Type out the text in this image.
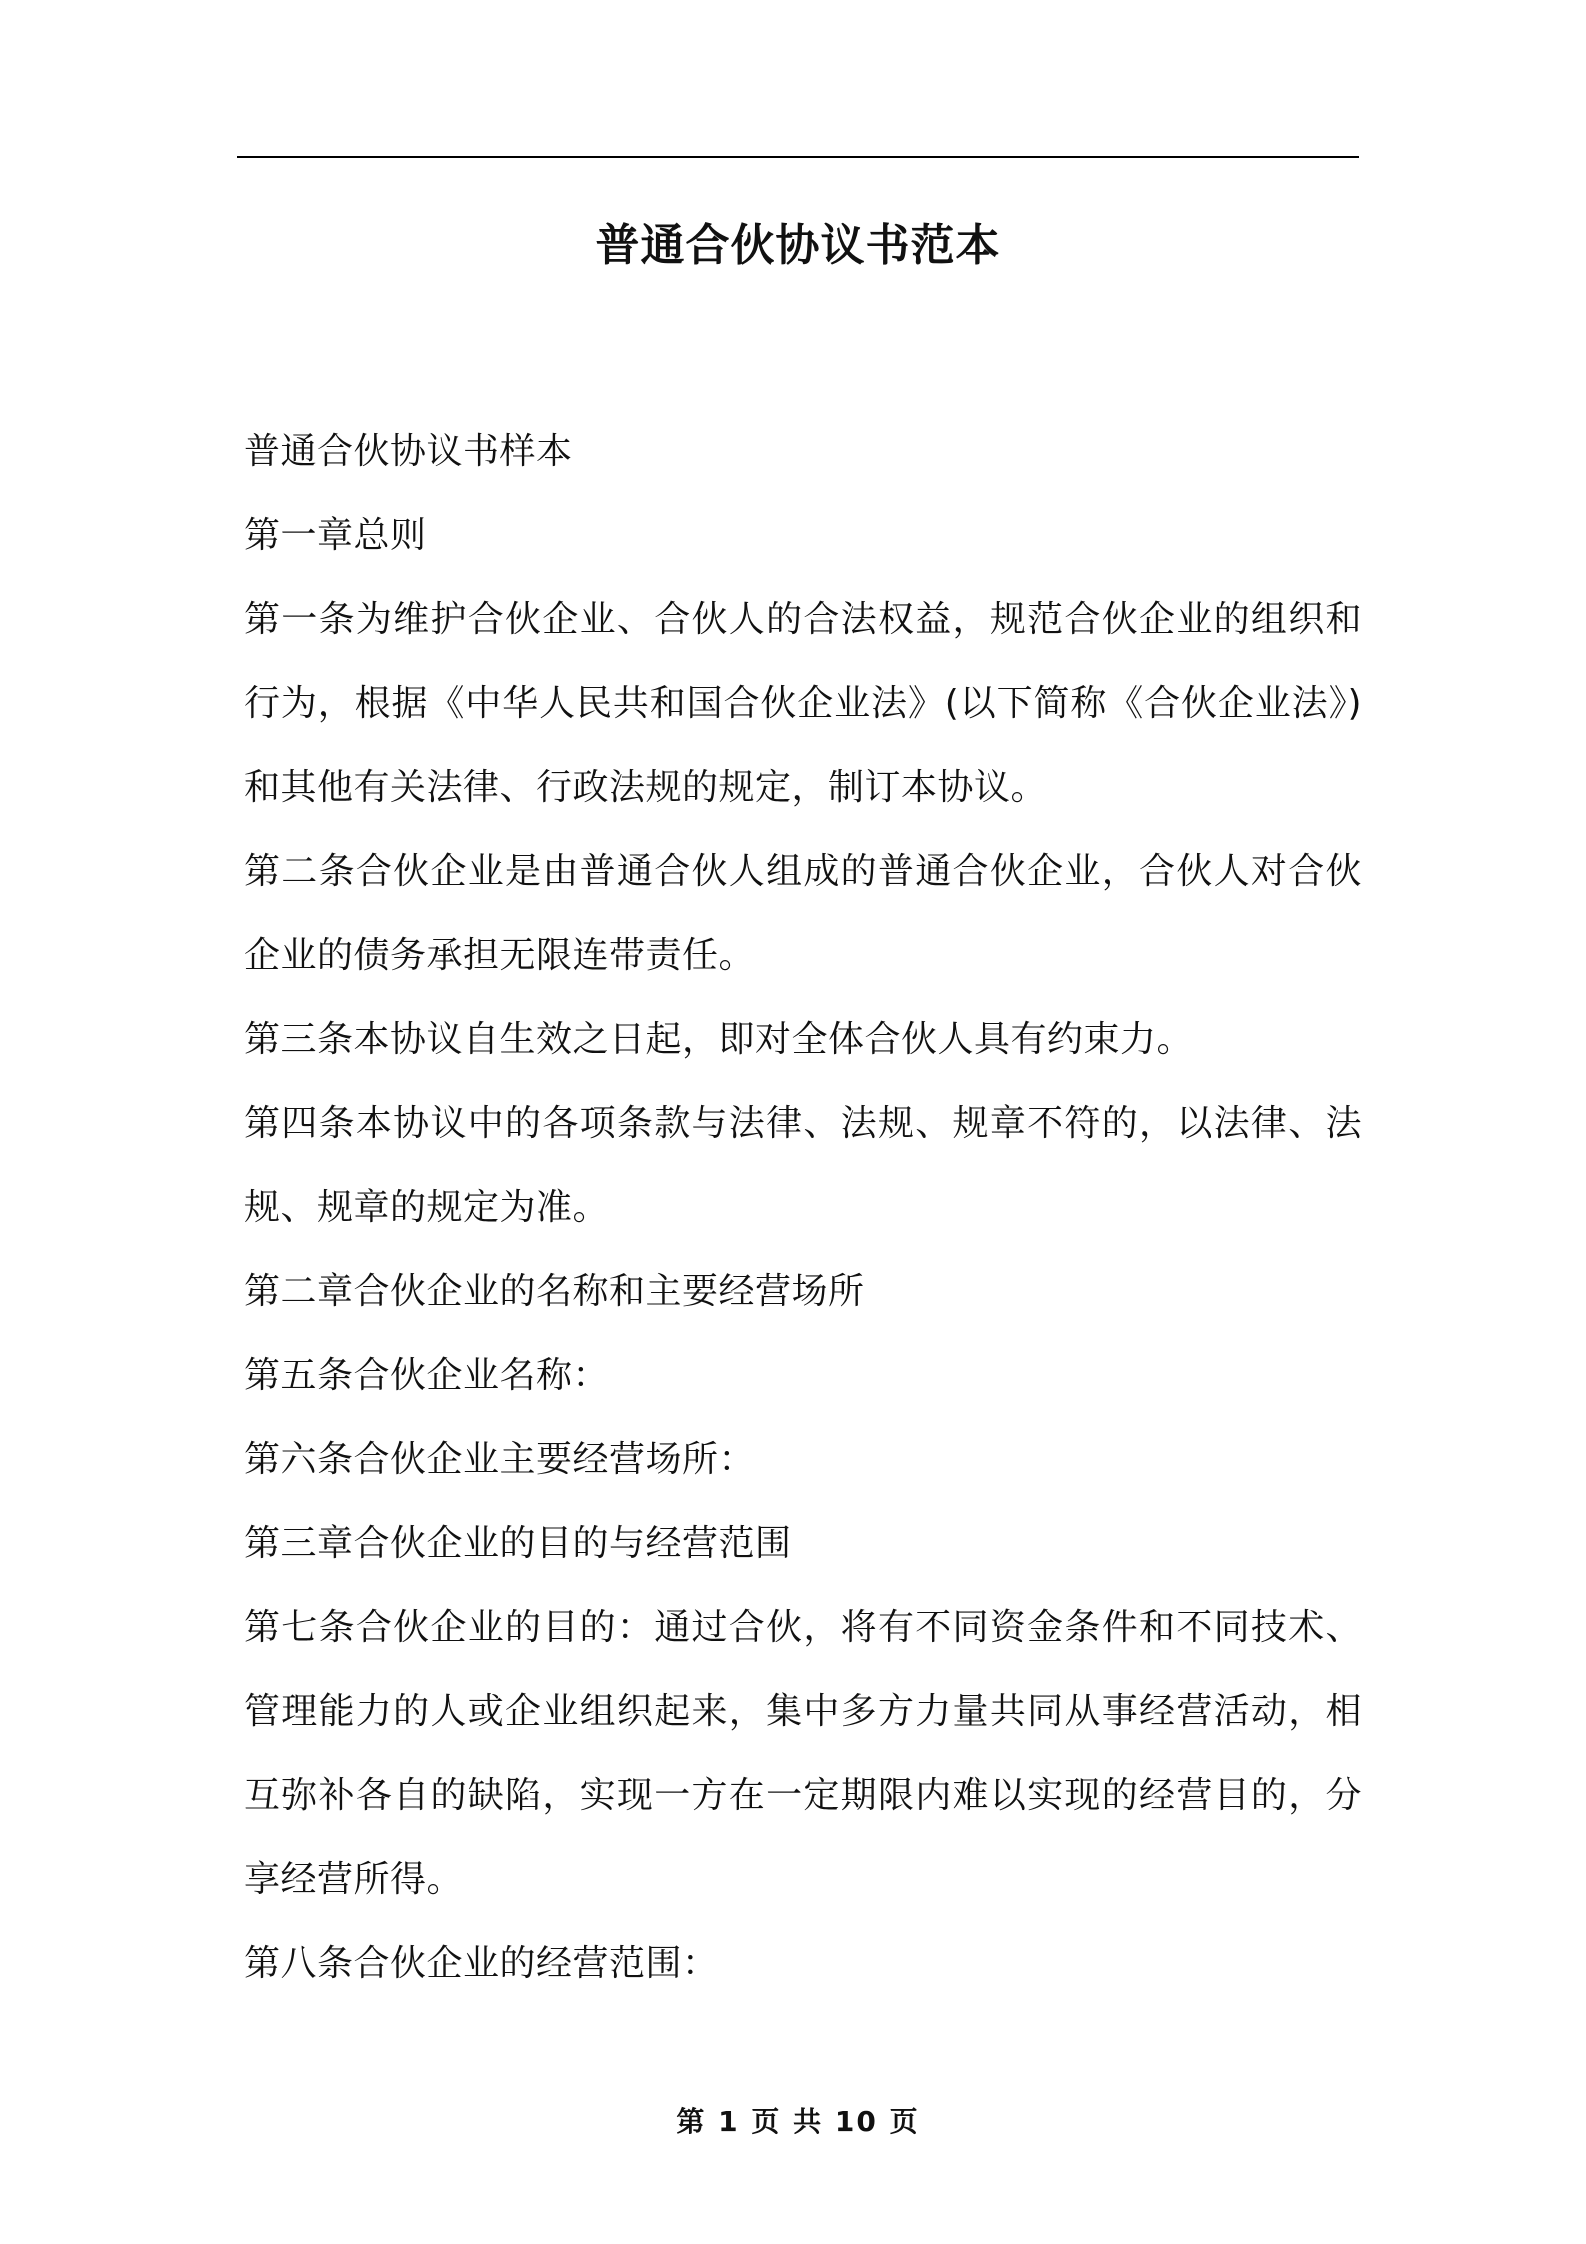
普通合伙协议书范本
普通合伙协议书样本
第一章总则
第一条为维护合伙企业、合伙人的合法权益，规范合伙企业的组织和
行为，根据《中华人民共和国合伙企业法》(以下简称《合伙企业法》)
和其他有关法律、行政法规的规定，制订本协议。
第二条合伙企业是由普通合伙人组成的普通合伙企业，合伙人对合伙
企业的债务承担无限连带责任。
第三条本协议自生效之日起，即对全体合伙人具有约束力。
第四条本协议中的各项条款与法律、法规、规章不符的，以法律、法
规、规章的规定为准。
第二章合伙企业的名称和主要经营场所
第五条合伙企业名称：
第六条合伙企业主要经营场所：
第三章合伙企业的目的与经营范围
第七条合伙企业的目的：通过合伙，将有不同资金条件和不同技术、
管理能力的人或企业组织起来，集中多方力量共同从事经营活动，相
互弥补各自的缺陷，实现一方在一定期限内难以实现的经营目的，分
享经营所得。
第八条合伙企业的经营范围：
第 1 页 共 10 页
